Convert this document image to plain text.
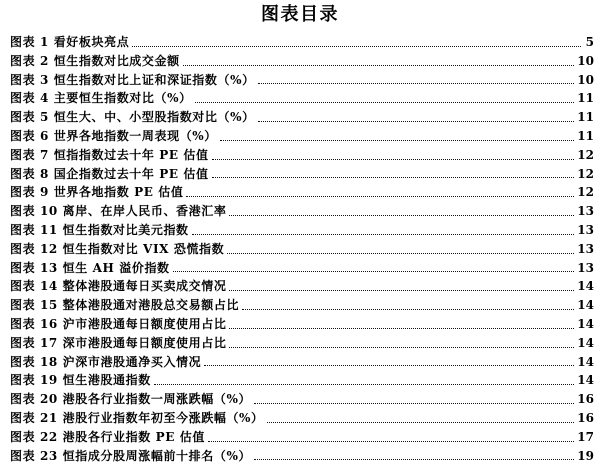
图表目录
图表 1 看好板块亮点	5
图表 2 恒生指数对比成交金额	10
图表 3 恒生指数对比上证和深证指数（%）	10
图表 4 主要恒生指数对比（%）	11
图表 5 恒生大、中、小型股指数对比（%）	11
图表 6 世界各地指数一周表现（%）	11
图表 7 恒指指数过去十年 PE 估值	12
图表 8 国企指数过去十年 PE 估值	12
图表 9 世界各地指数 PE 估值	12
图表 10 离岸、在岸人民币、香港汇率	13
图表 11 恒生指数对比美元指数	13
图表 12 恒生指数对比 VIX 恐慌指数	13
图表 13 恒生 AH 溢价指数	13
图表 14 整体港股通每日买卖成交情况	14
图表 15 整体港股通对港股总交易额占比	14
图表 16 沪市港股通每日额度使用占比	14
图表 17 深市港股通每日额度使用占比	14
图表 18 沪深市港股通净买入情况	14
图表 19 恒生港股通指数	14
图表 20 港股各行业指数一周涨跌幅（%）	16
图表 21 港股行业指数年初至今涨跌幅（%）	16
图表 22 港股各行业指数 PE 估值	17
图表 23 恒指成分股周涨幅前十排名（%）	19
